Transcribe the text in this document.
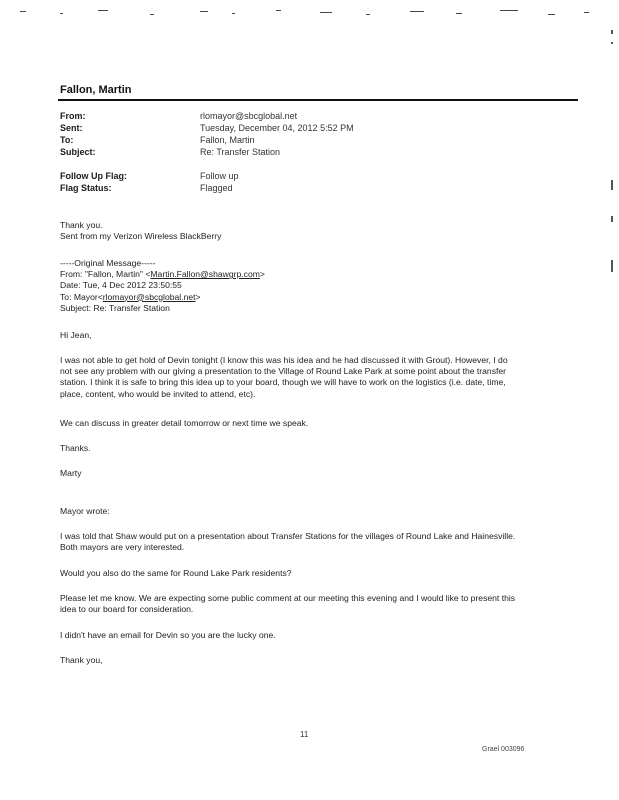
Fallon, Martin
From:	rlomayor@sbcglobal.net
Sent:	Tuesday, December 04, 2012 5:52 PM
To:	Fallon, Martin
Subject:	Re: Transfer Station
Follow Up Flag:	Follow up
Flag Status:	Flagged

Thank you.

Sent from my Verizon Wireless BlackBerry

-----Original Message-----

From: "Fallon, Martin" <Martin.Fallon@shawgrp.com>

Date: Tue, 4 Dec 2012 23:50:55

To: Mayor<rlomayor@sbcglobal.net>

Subject: Re: Transfer Station

Hi Jean,

I was not able to get hold of Devin tonight (I know this was his idea and he had discussed it with Grout). However, I do

not see any problem with our giving a presentation to the Village of Round Lake Park at some point about the transfer

station. I think it is safe to bring this idea up to your board, though we will have to work on the logistics (i.e. date, time,

place, content, who would be invited to attend, etc).

We can discuss in greater detail tomorrow or next time we speak.

Thanks.

Marty

Mayor wrote:

I was told that Shaw would put on a presentation about Transfer Stations for the villages of Round Lake and Hainesville.

Both mayors are very interested.

Would you also do the same for Round Lake Park residents?

Please let me know. We are expecting some public comment at our meeting this evening and I would like to present this

idea to our board for consideration.

I didn't have an email for Devin so you are the lucky one.

Thank you,

11
Grael 003096
